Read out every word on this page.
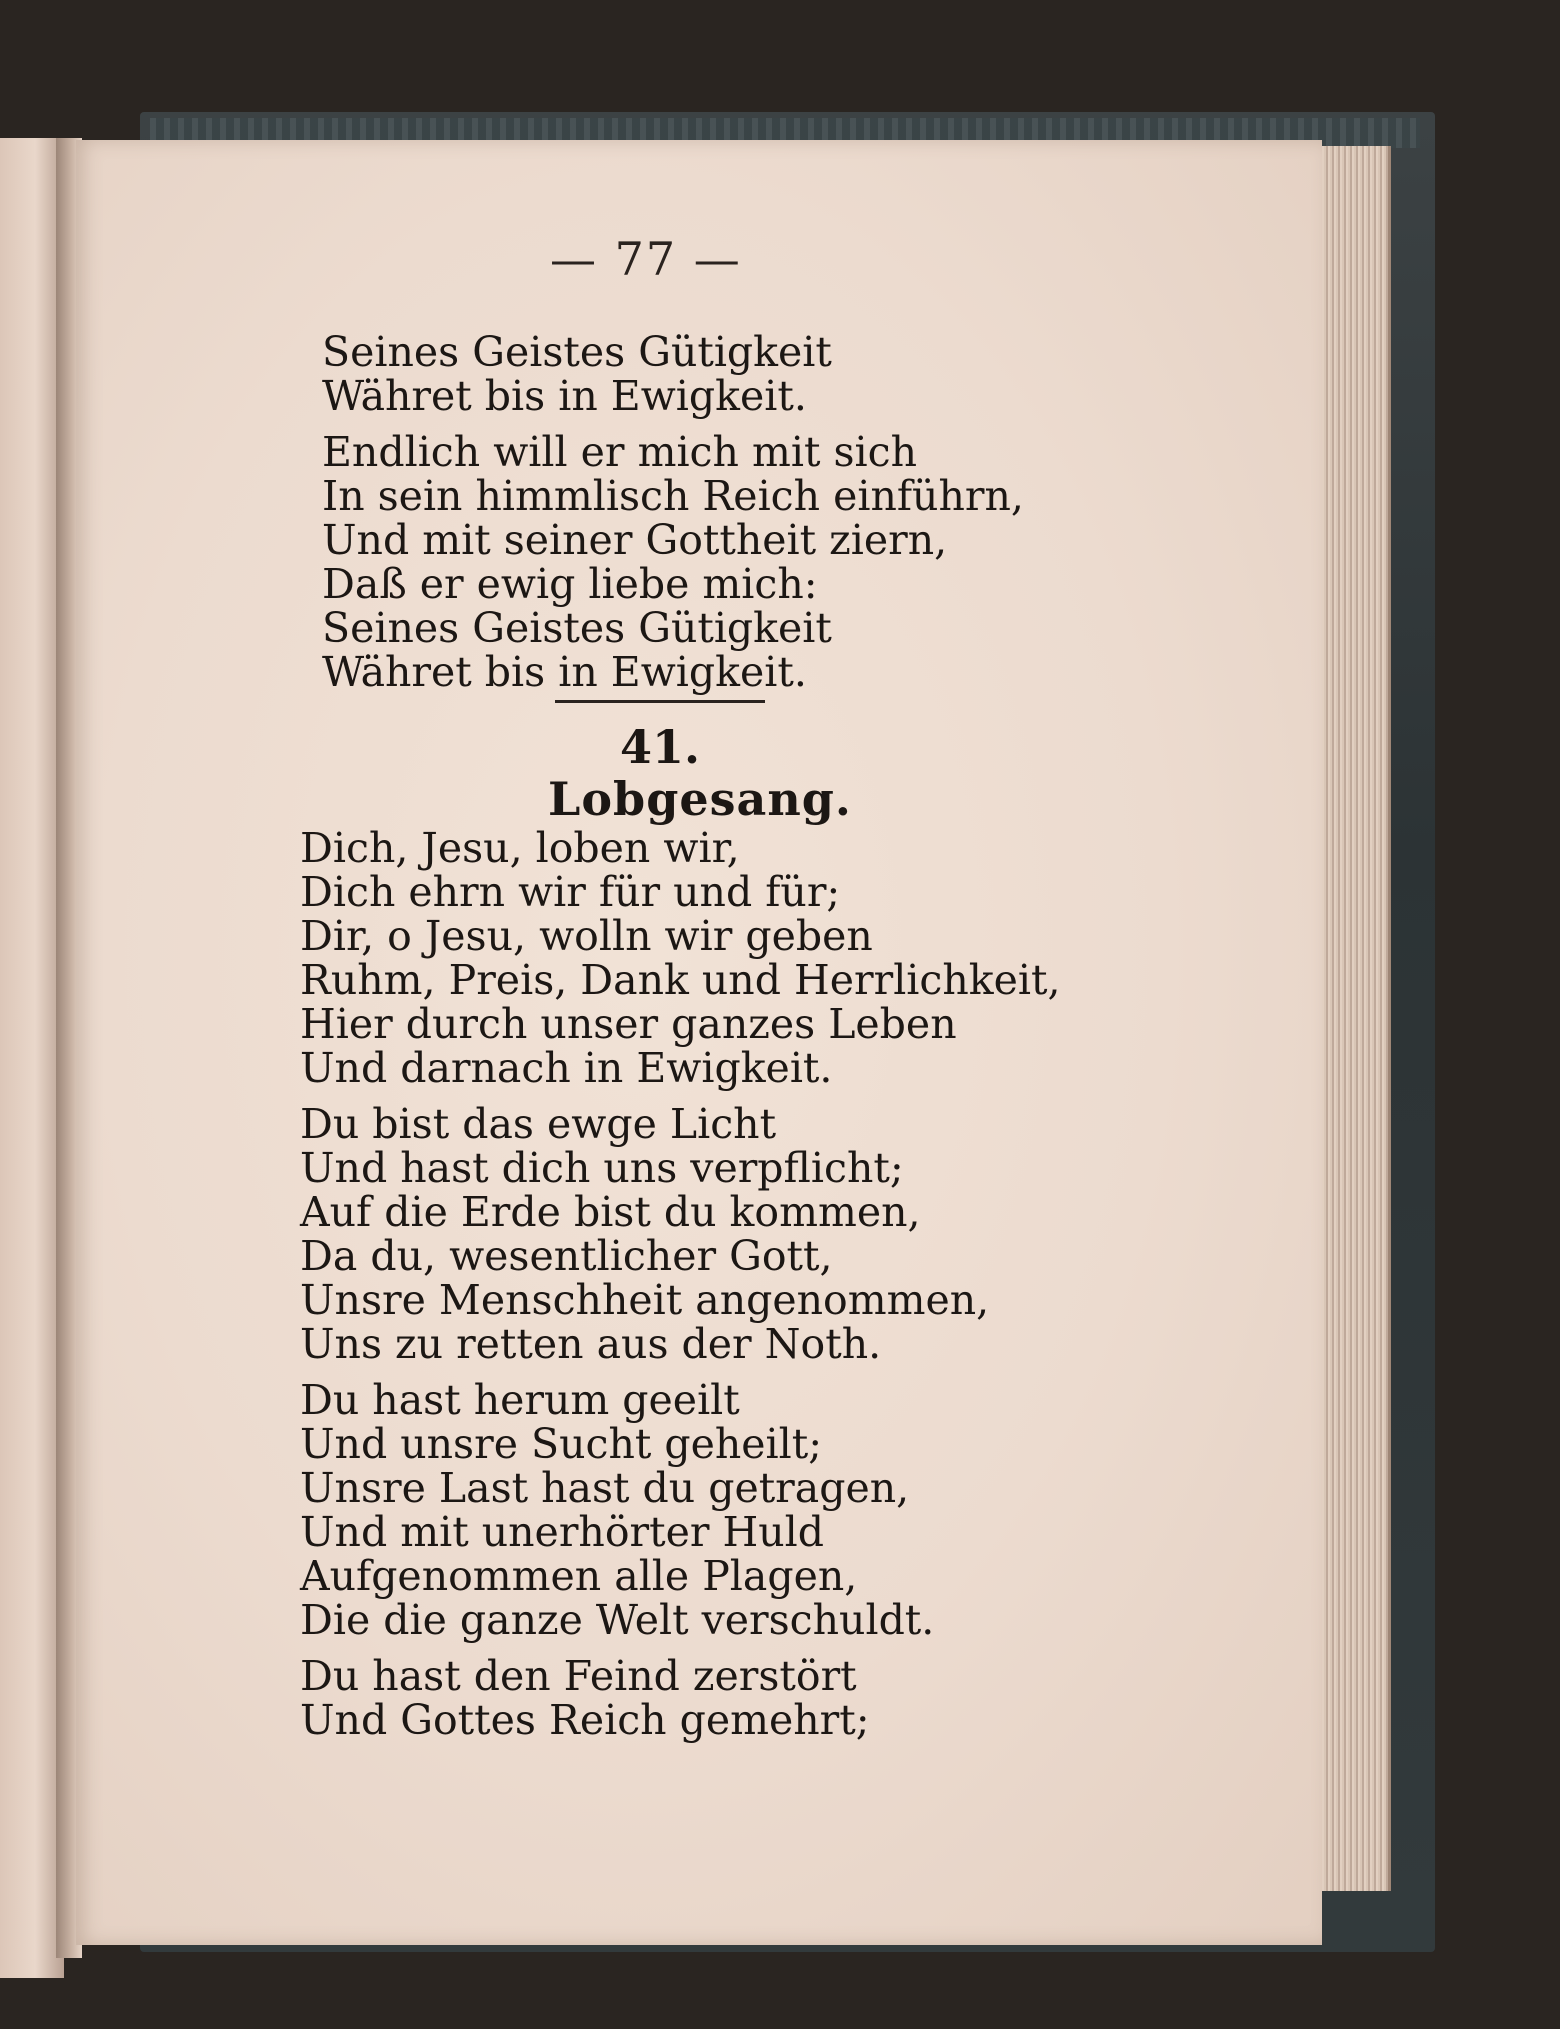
— 77 —
Seines Geistes Gütigkeit
Währet bis in Ewigkeit.
Endlich will er mich mit sich
In sein himmlisch Reich einführn,
Und mit seiner Gottheit ziern,
Daß er ewig liebe mich:
Seines Geistes Gütigkeit
Währet bis in Ewigkeit.
41.
Lobgesang.
Dich, Jesu, loben wir,
Dich ehrn wir für und für;
Dir, o Jesu, wolln wir geben
Ruhm, Preis, Dank und Herrlichkeit,
Hier durch unser ganzes Leben
Und darnach in Ewigkeit.
Du bist das ewge Licht
Und hast dich uns verpflicht;
Auf die Erde bist du kommen,
Da du, wesentlicher Gott,
Unsre Menschheit angenommen,
Uns zu retten aus der Noth.
Du hast herum geeilt
Und unsre Sucht geheilt;
Unsre Last hast du getragen,
Und mit unerhörter Huld
Aufgenommen alle Plagen,
Die die ganze Welt verschuldt.
Du hast den Feind zerstört
Und Gottes Reich gemehrt;
